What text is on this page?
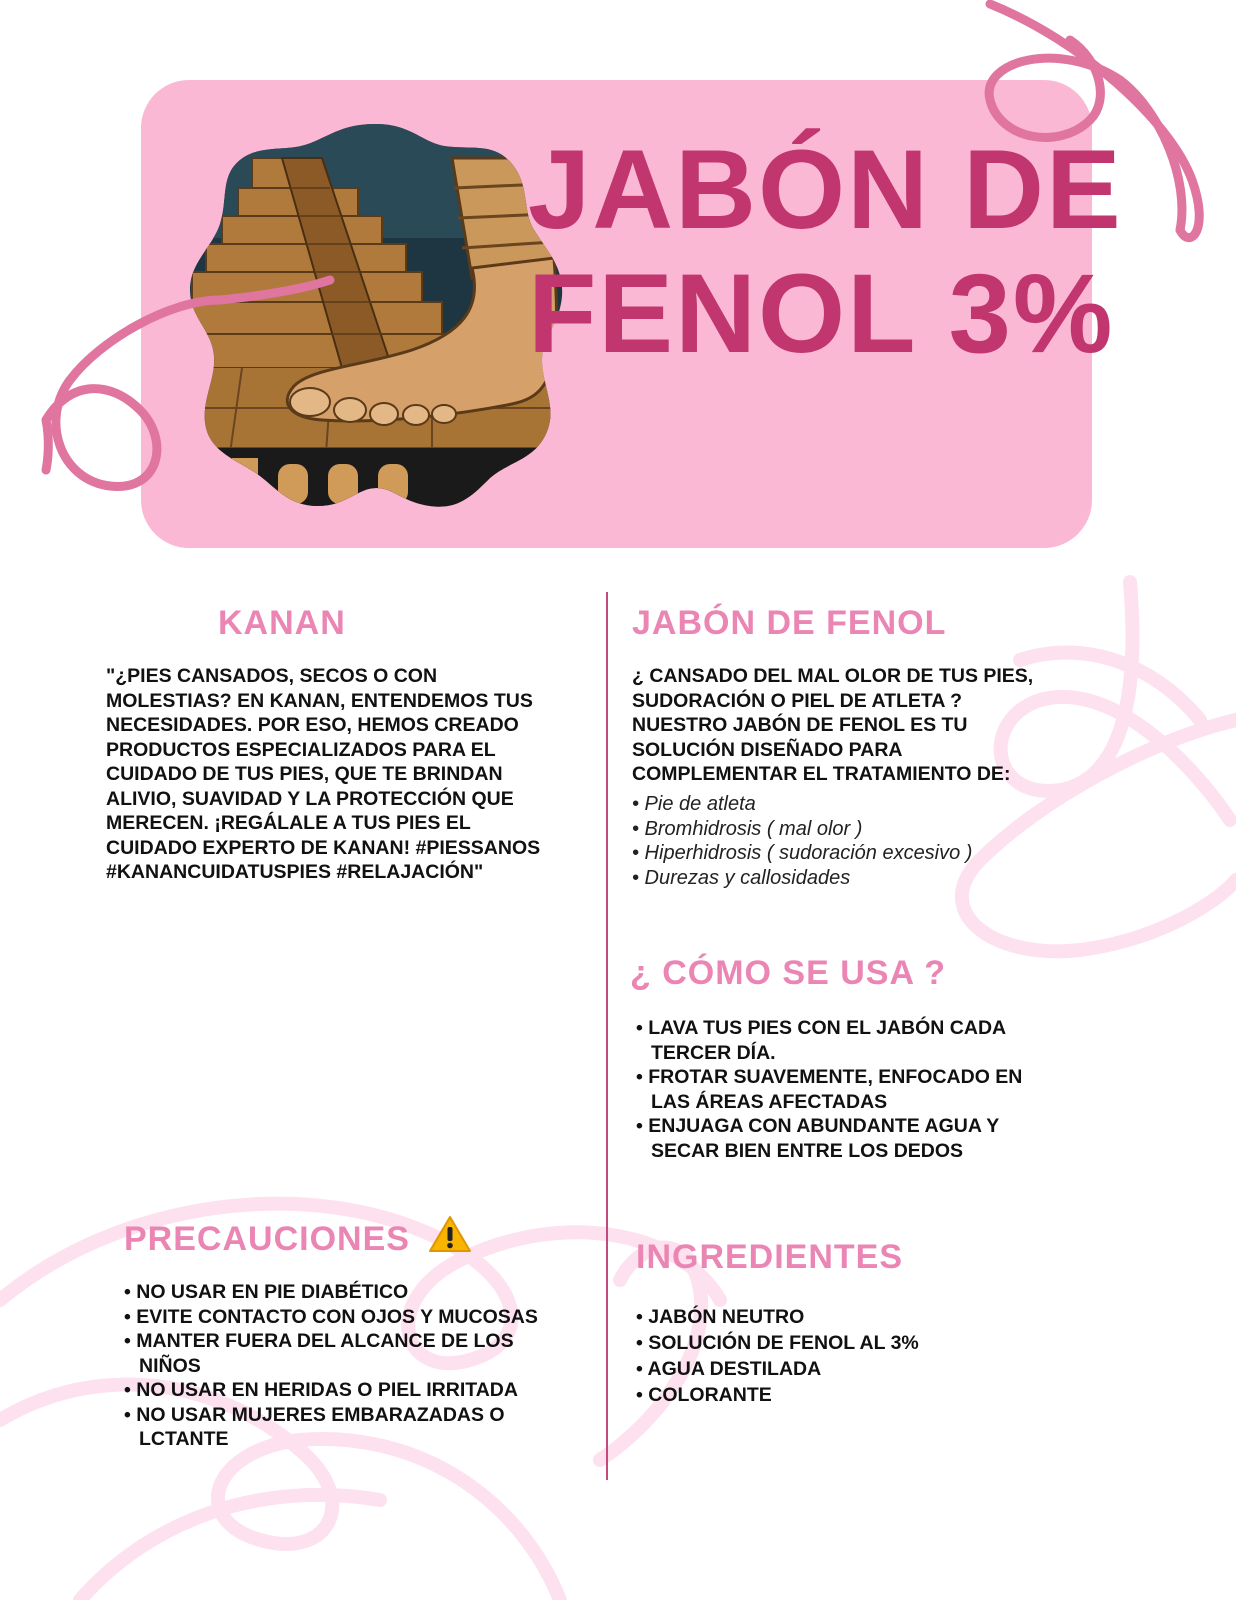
JABÓN DE
FENOL 3%
KANAN

"¿PIES CANSADOS, SECOS O CON MOLESTIAS? EN KANAN, ENTENDEMOS TUS NECESIDADES. POR ESO, HEMOS CREADO PRODUCTOS ESPECIALIZADOS PARA EL CUIDADO DE TUS PIES, QUE TE BRINDAN ALIVIO, SUAVIDAD Y LA PROTECCIÓN QUE MERECEN. ¡REGÁLALE A TUS PIES EL CUIDADO EXPERTO DE KANAN! #PIESSANOS #KANANCUIDATUSPIES #RELAJACIÓN"

JABÓN DE FENOL

¿ CANSADO DEL MAL OLOR DE TUS PIES, SUDORACIÓN O PIEL DE ATLETA ? NUESTRO JABÓN DE FENOL ES TU SOLUCIÓN DISEÑADO PARA COMPLEMENTAR EL TRATAMIENTO DE:

• Pie de atleta
• Bromhidrosis ( mal olor )
• Hiperhidrosis ( sudoración excesivo )
• Durezas y callosidades
¿ CÓMO SE USA ?
• LAVA TUS PIES CON EL JABÓN CADA TERCER DÍA.
• FROTAR SUAVEMENTE, ENFOCADO EN LAS ÁREAS AFECTADAS
• ENJUAGA CON ABUNDANTE AGUA Y SECAR BIEN ENTRE LOS DEDOS
PRECAUCIONES
• NO USAR EN PIE DIABÉTICO
• EVITE CONTACTO CON OJOS Y MUCOSAS
• MANTER FUERA DEL ALCANCE DE LOS NIÑOS
• NO USAR EN HERIDAS O PIEL IRRITADA
• NO USAR MUJERES EMBARAZADAS O LCTANTE
INGREDIENTES
• JABÓN NEUTRO
• SOLUCIÓN DE FENOL AL 3%
• AGUA DESTILADA
• COLORANTE
